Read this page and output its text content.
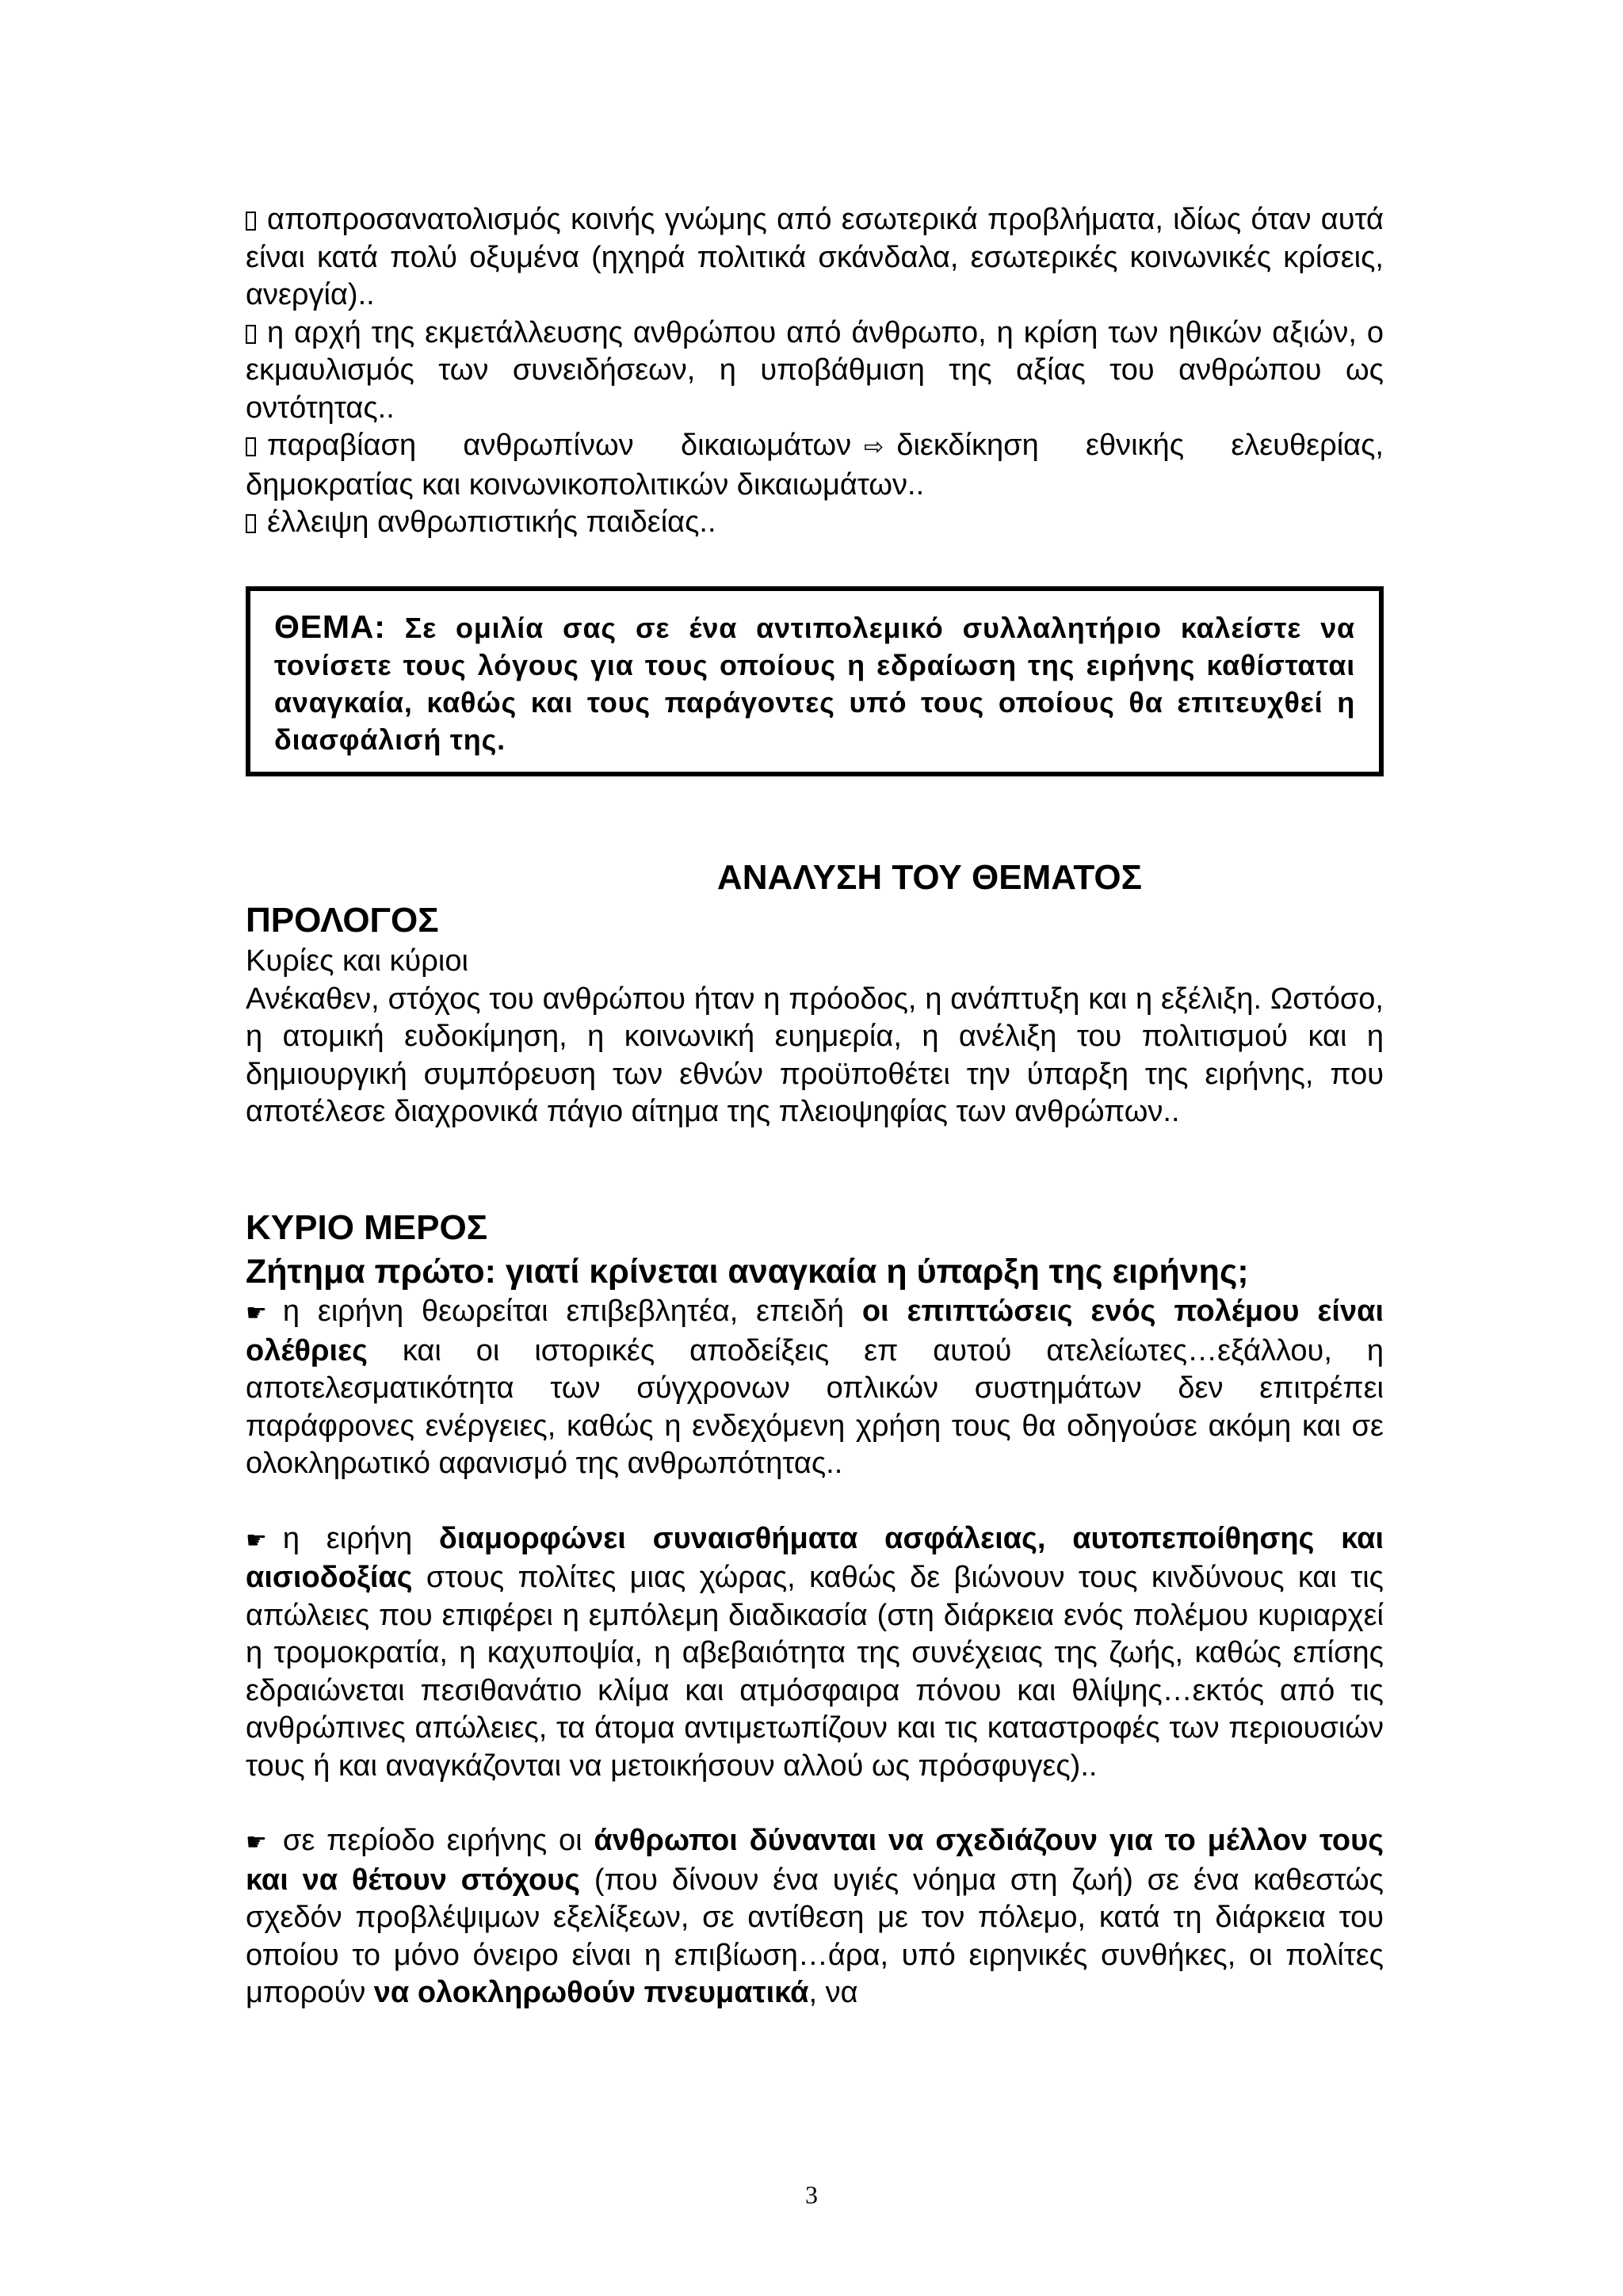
αποπροσανατολισμός κοινής γνώμης από εσωτερικά προβλήματα, ιδίως όταν αυτά είναι κατά πολύ οξυμένα (ηχηρά πολιτικά σκάνδαλα, εσωτερικές κοινωνικές κρίσεις, ανεργία)..

η αρχή της εκμετάλλευσης ανθρώπου από άνθρωπο, η κρίση των ηθικών αξιών, ο εκμαυλισμός των συνειδήσεων, η υποβάθμιση της αξίας του ανθρώπου ως οντότητας..

παραβίαση ανθρωπίνων δικαιωμάτων ⇨ διεκδίκηση εθνικής ελευθερίας, δημοκρατίας και κοινωνικοπολιτικών δικαιωμάτων..

έλλειψη ανθρωπιστικής παιδείας..

ΘΕΜΑ: Σε ομιλία σας σε ένα αντιπολεμικό συλλαλητήριο καλείστε να τονίσετε τους λόγους για τους οποίους η εδραίωση της ειρήνης καθίσταται αναγκαία, καθώς και τους παράγοντες υπό τους οποίους θα επιτευχθεί η διασφάλισή της.

ΑΝΑΛΥΣΗ ΤΟΥ ΘΕΜΑΤΟΣ

ΠΡΟΛΟΓΟΣ

Κυρίες και κύριοι

Ανέκαθεν, στόχος του ανθρώπου ήταν η πρόοδος, η ανάπτυξη και η εξέλιξη. Ωστόσο, η ατομική ευδοκίμηση, η κοινωνική ευημερία, η ανέλιξη του πολιτισμού και η δημιουργική συμπόρευση των εθνών προϋποθέτει την ύπαρξη της ειρήνης, που αποτέλεσε διαχρονικά πάγιο αίτημα της πλειοψηφίας των ανθρώπων..

ΚΥΡΙΟ ΜΕΡΟΣ

Ζήτημα πρώτο: γιατί κρίνεται αναγκαία η ύπαρξη της ειρήνης;

☛ η ειρήνη θεωρείται επιβεβλητέα, επειδή οι επιπτώσεις ενός πολέμου είναι ολέθριες και οι ιστορικές αποδείξεις επ αυτού ατελείωτες…εξάλλου, η αποτελεσματικότητα των σύγχρονων οπλικών συστημάτων δεν επιτρέπει παράφρονες ενέργειες, καθώς η ενδεχόμενη χρήση τους θα οδηγούσε ακόμη και σε ολοκληρωτικό αφανισμό της ανθρωπότητας..

☛ η ειρήνη διαμορφώνει συναισθήματα ασφάλειας, αυτοπεποίθησης και αισιοδοξίας στους πολίτες μιας χώρας, καθώς δε βιώνουν τους κινδύνους και τις απώλειες που επιφέρει η εμπόλεμη διαδικασία (στη διάρκεια ενός πολέμου κυριαρχεί η τρομοκρατία, η καχυποψία, η αβεβαιότητα της συνέχειας της ζωής, καθώς επίσης εδραιώνεται πεσιθανάτιο κλίμα και ατμόσφαιρα πόνου και θλίψης…εκτός από τις ανθρώπινες απώλειες, τα άτομα αντιμετωπίζουν και τις καταστροφές των περιουσιών τους ή και αναγκάζονται να μετοικήσουν αλλού ως πρόσφυγες)..

☛ σε περίοδο ειρήνης οι άνθρωποι δύνανται να σχεδιάζουν για το μέλλον τους και να θέτουν στόχους (που δίνουν ένα υγιές νόημα στη ζωή) σε ένα καθεστώς σχεδόν προβλέψιμων εξελίξεων, σε αντίθεση με τον πόλεμο, κατά τη διάρκεια του οποίου το μόνο όνειρο είναι η επιβίωση…άρα, υπό ειρηνικές συνθήκες, οι πολίτες μπορούν να ολοκληρωθούν πνευματικά, να

3
